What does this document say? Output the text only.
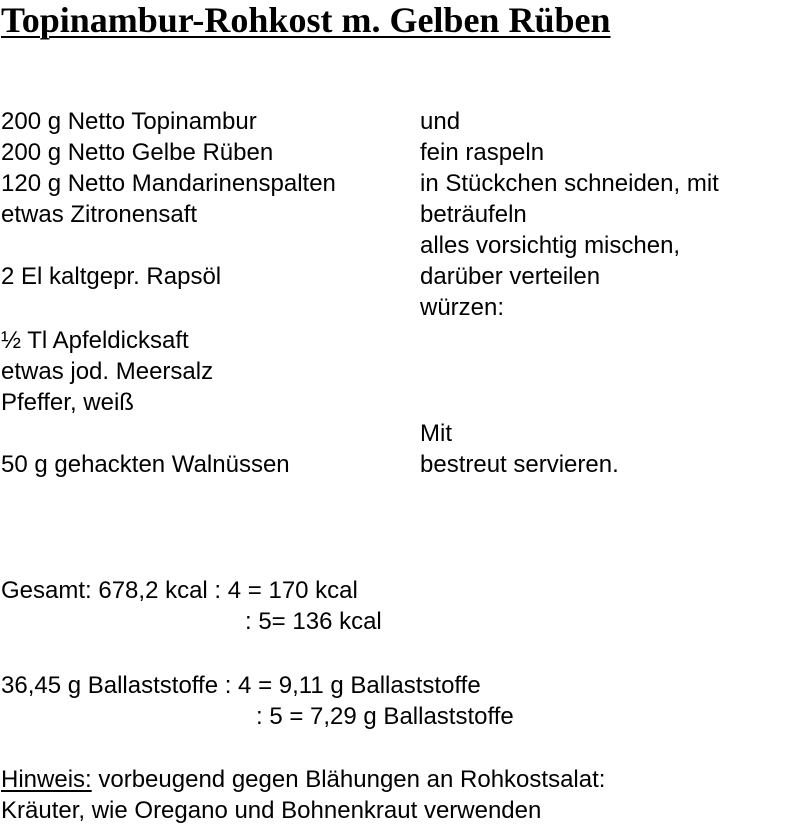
Topinambur-Rohkost m. Gelben Rüben
200 g Netto Topinambur
200 g Netto Gelbe Rüben
120 g Netto Mandarinenspalten
etwas Zitronensaft
2 El kaltgepr. Rapsöl
½ Tl Apfeldicksaft
etwas jod. Meersalz
Pfeffer, weiß
50 g gehackten Walnüssen
und
fein raspeln
in Stückchen schneiden, mit
beträufeln
alles vorsichtig mischen,
darüber verteilen
würzen:
Mit
bestreut servieren.
Gesamt: 678,2 kcal : 4 = 170 kcal
: 5= 136 kcal
36,45 g Ballaststoffe : 4 = 9,11 g Ballaststoffe
: 5 = 7,29 g Ballaststoffe
Hinweis: vorbeugend gegen Blähungen an Rohkostsalat:
Kräuter, wie Oregano und Bohnenkraut verwenden
